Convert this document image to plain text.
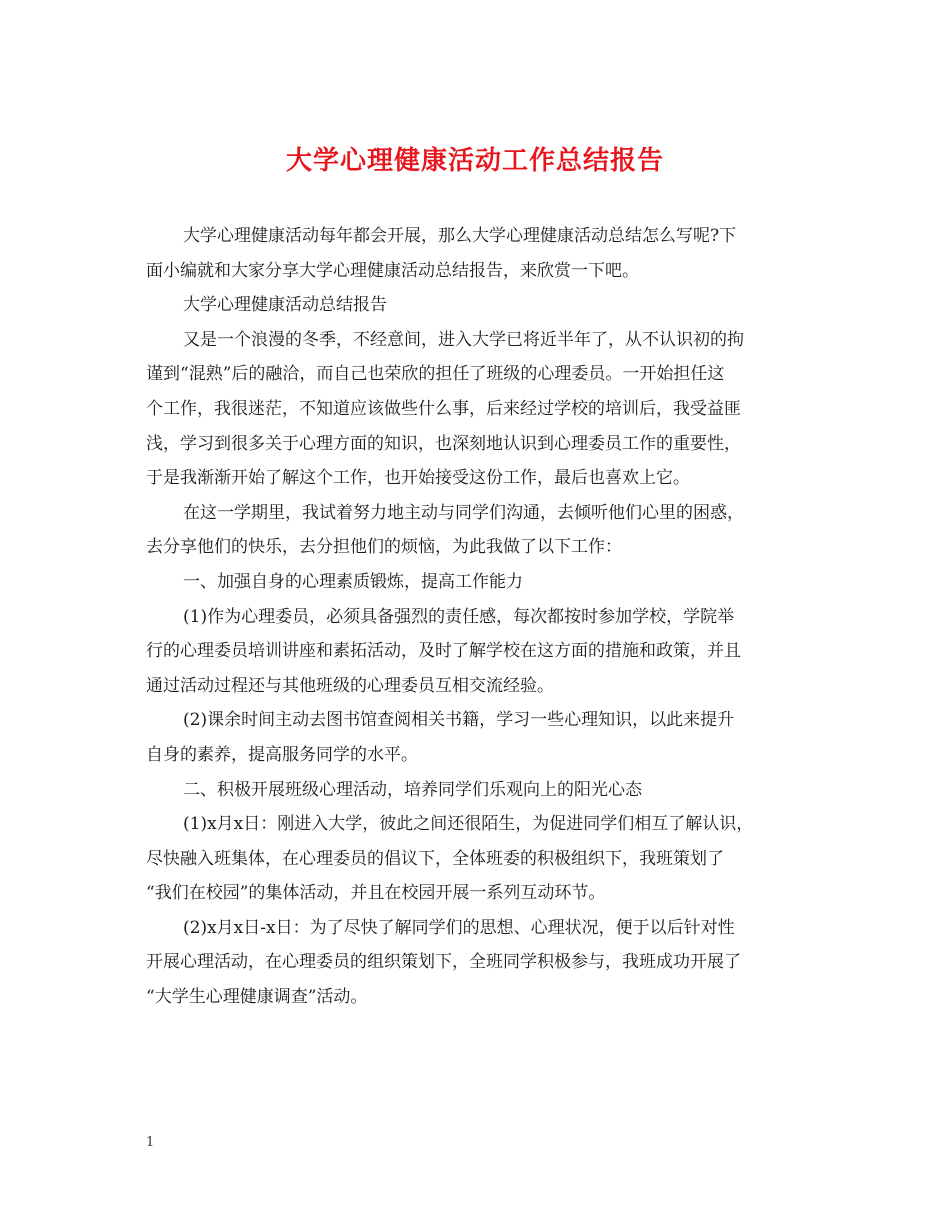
大学心理健康活动工作总结报告
大学心理健康活动每年都会开展，那么大学心理健康活动总结怎么写呢?下
面小编就和大家分享大学心理健康活动总结报告，来欣赏一下吧。
大学心理健康活动总结报告
又是一个浪漫的冬季，不经意间，进入大学已将近半年了，从不认识初的拘
谨到“混熟”后的融洽，而自己也荣欣的担任了班级的心理委员。一开始担任这
个工作，我很迷茫，不知道应该做些什么事，后来经过学校的培训后，我受益匪
浅，学习到很多关于心理方面的知识，也深刻地认识到心理委员工作的重要性，
于是我渐渐开始了解这个工作，也开始接受这份工作，最后也喜欢上它。
在这一学期里，我试着努力地主动与同学们沟通，去倾听他们心里的困惑，
去分享他们的快乐，去分担他们的烦恼，为此我做了以下工作：
一、加强自身的心理素质锻炼，提高工作能力
(1)作为心理委员，必须具备强烈的责任感，每次都按时参加学校，学院举
行的心理委员培训讲座和素拓活动，及时了解学校在这方面的措施和政策，并且
通过活动过程还与其他班级的心理委员互相交流经验。
(2)课余时间主动去图书馆查阅相关书籍，学习一些心理知识，以此来提升
自身的素养，提高服务同学的水平。
二、积极开展班级心理活动，培养同学们乐观向上的阳光心态
(1)x月x日：刚进入大学，彼此之间还很陌生，为促进同学们相互了解认识，
尽快融入班集体，在心理委员的倡议下，全体班委的积极组织下，我班策划了
“我们在校园”的集体活动，并且在校园开展一系列互动环节。
(2)x月x日-x日：为了尽快了解同学们的思想、心理状况，便于以后针对性
开展心理活动，在心理委员的组织策划下，全班同学积极参与，我班成功开展了
“大学生心理健康调查”活动。
1
